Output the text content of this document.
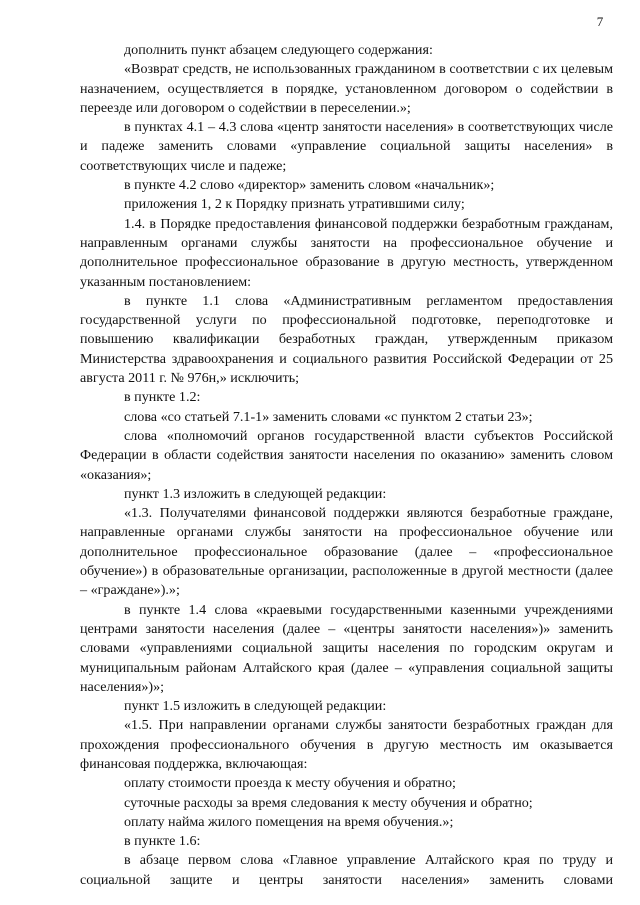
7

дополнить пункт абзацем следующего содержания:

«Возврат средств, не использованных гражданином в соответствии с их целевым назначением, осуществляется в порядке, установленном договором о содействии в переезде или договором о содействии в переселении.»;

в пунктах 4.1 – 4.3 слова «центр занятости населения» в соответствующих числе и падеже заменить словами «управление социальной защиты населения» в соответствующих числе и падеже;

в пункте 4.2 слово «директор» заменить словом «начальник»;

приложения 1, 2 к Порядку признать утратившими силу;

1.4. в Порядке предоставления финансовой поддержки безработным гражданам, направленным органами службы занятости на профессиональное обучение и дополнительное профессиональное образование в другую местность, утвержденном указанным постановлением:

в пункте 1.1 слова «Административным регламентом предоставления государственной услуги по профессиональной подготовке, переподготовке и повышению квалификации безработных граждан, утвержденным приказом Министерства здравоохранения и социального развития Российской Федерации от 25 августа 2011 г. № 976н,» исключить;

в пункте 1.2:

слова «со статьей 7.1-1» заменить словами «с пунктом 2 статьи 23»;

слова «полномочий органов государственной власти субъектов Российской Федерации в области содействия занятости населения по оказанию» заменить словом «оказания»;

пункт 1.3 изложить в следующей редакции:

«1.3. Получателями финансовой поддержки являются безработные граждане, направленные органами службы занятости на профессиональное обучение или дополнительное профессиональное образование (далее – «профессиональное обучение») в образовательные организации, расположенные в другой местности (далее – «граждане»).»;

в пункте 1.4 слова «краевыми государственными казенными учреждениями центрами занятости населения (далее – «центры занятости населения»)» заменить словами «управлениями социальной защиты населения по городским округам и муниципальным районам Алтайского края (далее – «управления социальной защиты населения»)»;

пункт 1.5 изложить в следующей редакции:

«1.5. При направлении органами службы занятости безработных граждан для прохождения профессионального обучения в другую местность им оказывается финансовая поддержка, включающая:

оплату стоимости проезда к месту обучения и обратно;

суточные расходы за время следования к месту обучения и обратно;

оплату найма жилого помещения на время обучения.»;

в пункте 1.6:

в абзаце первом слова «Главное управление Алтайского края по труду и социальной защите и центры занятости населения» заменить словами
